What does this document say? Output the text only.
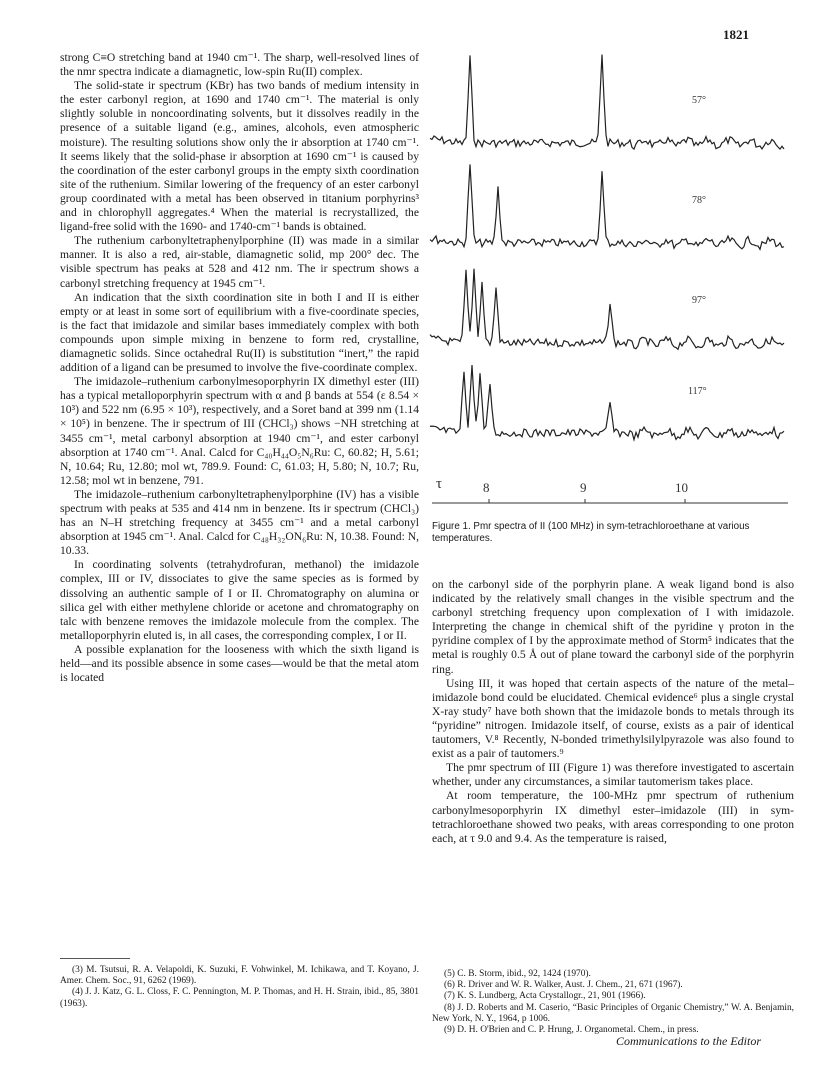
1821

strong C≡O stretching band at 1940 cm⁻¹. The sharp, well-resolved lines of the nmr spectra indicate a diamagnetic, low-spin Ru(II) complex.

The solid-state ir spectrum (KBr) has two bands of medium intensity in the ester carbonyl region, at 1690 and 1740 cm⁻¹. The material is only slightly soluble in noncoordinating solvents, but it dissolves readily in the presence of a suitable ligand (e.g., amines, alcohols, even atmospheric moisture). The resulting solutions show only the ir absorption at 1740 cm⁻¹. It seems likely that the solid-phase ir absorption at 1690 cm⁻¹ is caused by the coordination of the ester carbonyl groups in the empty sixth coordination site of the ruthenium. Similar lowering of the frequency of an ester carbonyl group coordinated with a metal has been observed in titanium porphyrins³ and in chlorophyll aggregates.⁴ When the material is recrystallized, the ligand-free solid with the 1690- and 1740-cm⁻¹ bands is obtained.

The ruthenium carbonyltetraphenylporphine (II) was made in a similar manner. It is also a red, air-stable, diamagnetic solid, mp 200° dec. The visible spectrum has peaks at 528 and 412 nm. The ir spectrum shows a carbonyl stretching frequency at 1945 cm⁻¹.

An indication that the sixth coordination site in both I and II is either empty or at least in some sort of equilibrium with a five-coordinate species, is the fact that imidazole and similar bases immediately complex with both compounds upon simple mixing in benzene to form red, crystalline, diamagnetic solids. Since octahedral Ru(II) is substitution “inert,” the rapid addition of a ligand can be presumed to involve the five-coordinate complex.

The imidazole–ruthenium carbonylmesoporphyrin IX dimethyl ester (III) has a typical metalloporphyrin spectrum with α and β bands at 554 (ε 8.54 × 10³) and 522 nm (6.95 × 10³), respectively, and a Soret band at 399 nm (1.14 × 10⁵) in benzene. The ir spectrum of III (CHCl₃) shows −NH stretching at 3455 cm⁻¹, metal carbonyl absorption at 1940 cm⁻¹, and ester carbonyl absorption at 1740 cm⁻¹. Anal. Calcd for C₄₀H₄₄O₅N₆Ru: C, 60.82; H, 5.61; N, 10.64; Ru, 12.80; mol wt, 789.9. Found: C, 61.03; H, 5.80; N, 10.7; Ru, 12.58; mol wt in benzene, 791.

The imidazole–ruthenium carbonyltetraphenylporphine (IV) has a visible spectrum with peaks at 535 and 414 nm in benzene. Its ir spectrum (CHCl₃) has an N–H stretching frequency at 3455 cm⁻¹ and a metal carbonyl absorption at 1945 cm⁻¹. Anal. Calcd for C₄₈H₃₂ON₆Ru: N, 10.38. Found: N, 10.33.

In coordinating solvents (tetrahydrofuran, methanol) the imidazole complex, III or IV, dissociates to give the same species as is formed by dissolving an authentic sample of I or II. Chromatography on alumina or silica gel with either methylene chloride or acetone and chromatography on talc with benzene removes the imidazole molecule from the complex. The metalloporphyrin eluted is, in all cases, the corresponding complex, I or II.

A possible explanation for the looseness with which the sixth ligand is held—and its possible absence in some cases—would be that the metal atom is located

57°
78°
97°
117°
τ	8	9	10
Figure 1. Pmr spectra of II (100 MHz) in sym-tetrachloroethane at various temperatures.

on the carbonyl side of the porphyrin plane. A weak ligand bond is also indicated by the relatively small changes in the visible spectrum and the carbonyl stretching frequency upon complexation of I with imidazole. Interpreting the change in chemical shift of the pyridine γ proton in the pyridine complex of I by the approximate method of Storm⁵ indicates that the metal is roughly 0.5 Å out of plane toward the carbonyl side of the porphyrin ring.

Using III, it was hoped that certain aspects of the nature of the metal–imidazole bond could be elucidated. Chemical evidence⁶ plus a single crystal X-ray study⁷ have both shown that the imidazole bonds to metals through its “pyridine” nitrogen. Imidazole itself, of course, exists as a pair of identical tautomers, V.⁸ Recently, N-bonded trimethylsilylpyrazole was also found to exist as a pair of tautomers.⁹

The pmr spectrum of III (Figure 1) was therefore investigated to ascertain whether, under any circumstances, a similar tautomerism takes place.

At room temperature, the 100-MHz pmr spectrum of ruthenium carbonylmesoporphyrin IX dimethyl ester–imidazole (III) in sym-tetrachloroethane showed two peaks, with areas corresponding to one proton each, at τ 9.0 and 9.4. As the temperature is raised,

(3) M. Tsutsui, R. A. Velapoldi, K. Suzuki, F. Vohwinkel, M. Ichikawa, and T. Koyano, J. Amer. Chem. Soc., 91, 6262 (1969).

(4) J. J. Katz, G. L. Closs, F. C. Pennington, M. P. Thomas, and H. H. Strain, ibid., 85, 3801 (1963).

(5) C. B. Storm, ibid., 92, 1424 (1970).

(6) R. Driver and W. R. Walker, Aust. J. Chem., 21, 671 (1967).

(7) K. S. Lundberg, Acta Crystallogr., 21, 901 (1966).

(8) J. D. Roberts and M. Caserio, “Basic Principles of Organic Chemistry,” W. A. Benjamin, New York, N. Y., 1964, p 1006.

(9) D. H. O'Brien and C. P. Hrung, J. Organometal. Chem., in press.

Communications to the Editor
